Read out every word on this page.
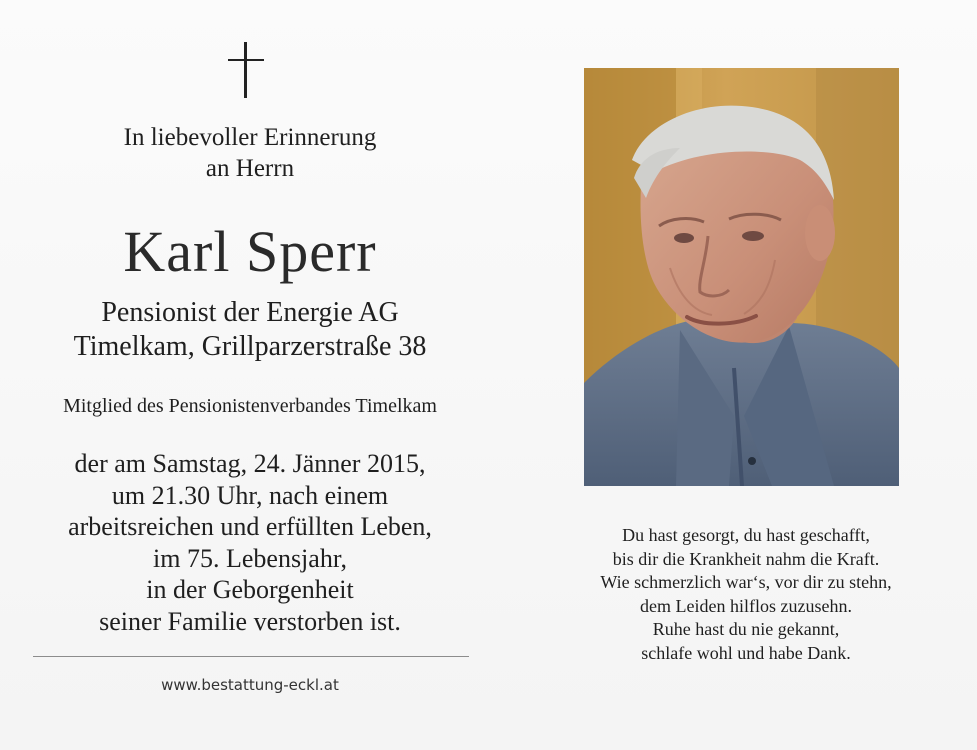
In liebevoller Erinnerung
an Herrn
Karl Sperr
Pensionist der Energie AG
Timelkam, Grillparzerstraße 38
Mitglied des Pensionistenverbandes Timelkam
der am Samstag, 24. Jänner 2015,
um 21.30 Uhr, nach einem
arbeitsreichen und erfüllten Leben,
im 75. Lebensjahr,
in der Geborgenheit
seiner Familie verstorben ist.
www.bestattung-eckl.at
Du hast gesorgt, du hast geschafft,
bis dir die Krankheit nahm die Kraft.
Wie schmerzlich war‘s, vor dir zu stehn,
dem Leiden hilflos zuzusehn.
Ruhe hast du nie gekannt,
schlafe wohl und habe Dank.
